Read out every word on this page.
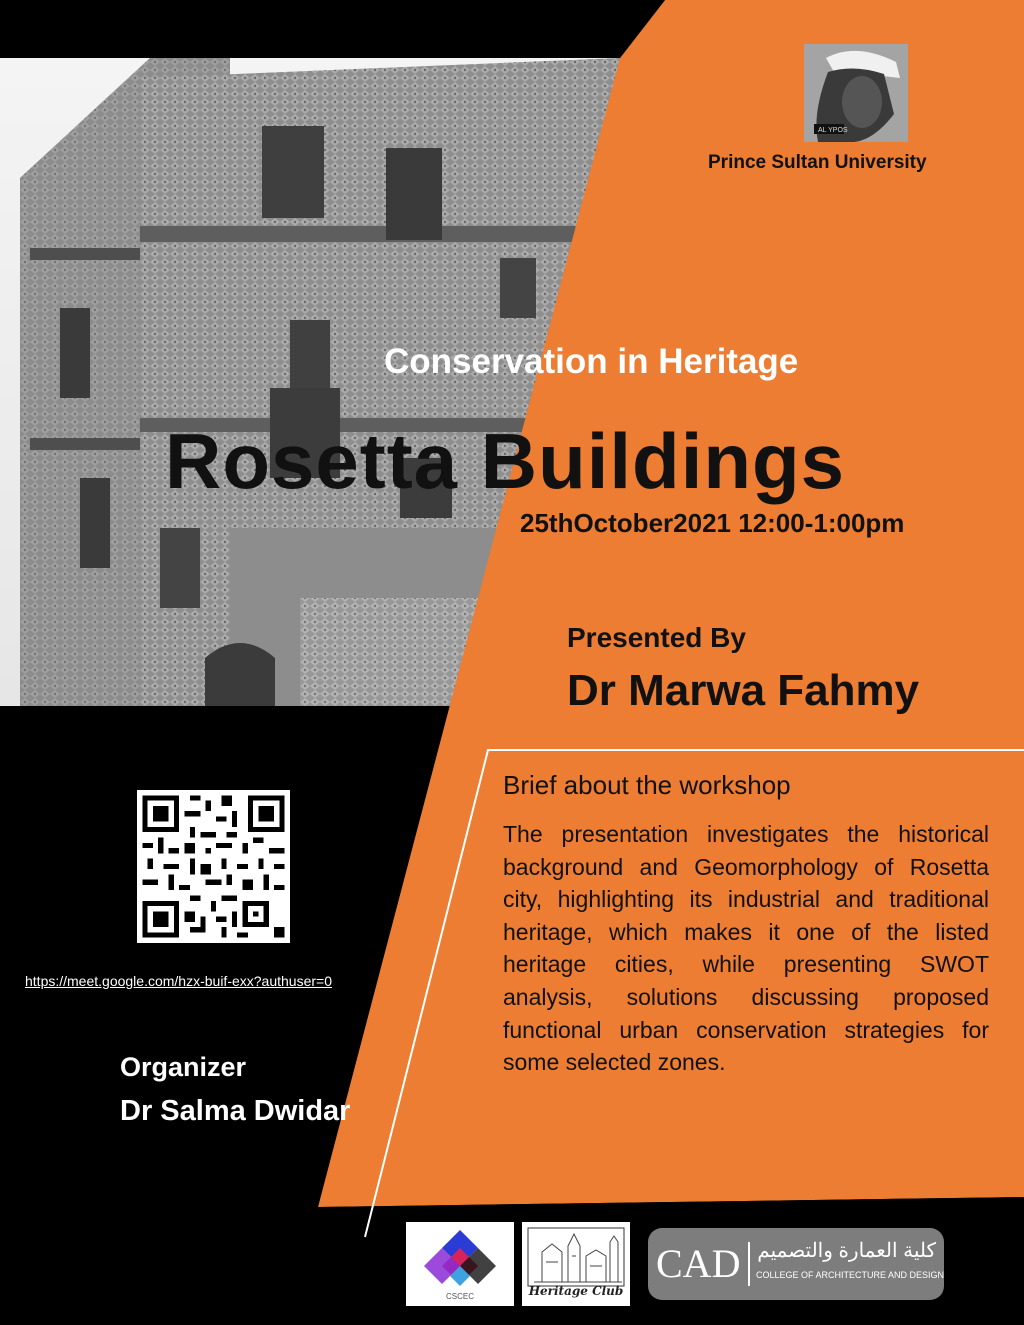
AL YPOS
Prince Sultan University
Conservation in Heritage
Rosetta Buildings
25thOctober2021 12:00-1:00pm
Presented By
Dr Marwa Fahmy
Brief about the workshop
The presentation investigates the historical background and Geomorphology of Rosetta city, highlighting its industrial and traditional heritage, which makes it one of the listed heritage cities, while presenting SWOT analysis, solutions discussing proposed functional urban conservation strategies for some selected zones.
https://meet.google.com/hzx-buif-exx?authuser=0
Organizer
Dr Salma Dwidar
CSCEC	Heritage Club
CAD كلية العمارة والتصميم
COLLEGE OF ARCHITECTURE AND DESIGN
